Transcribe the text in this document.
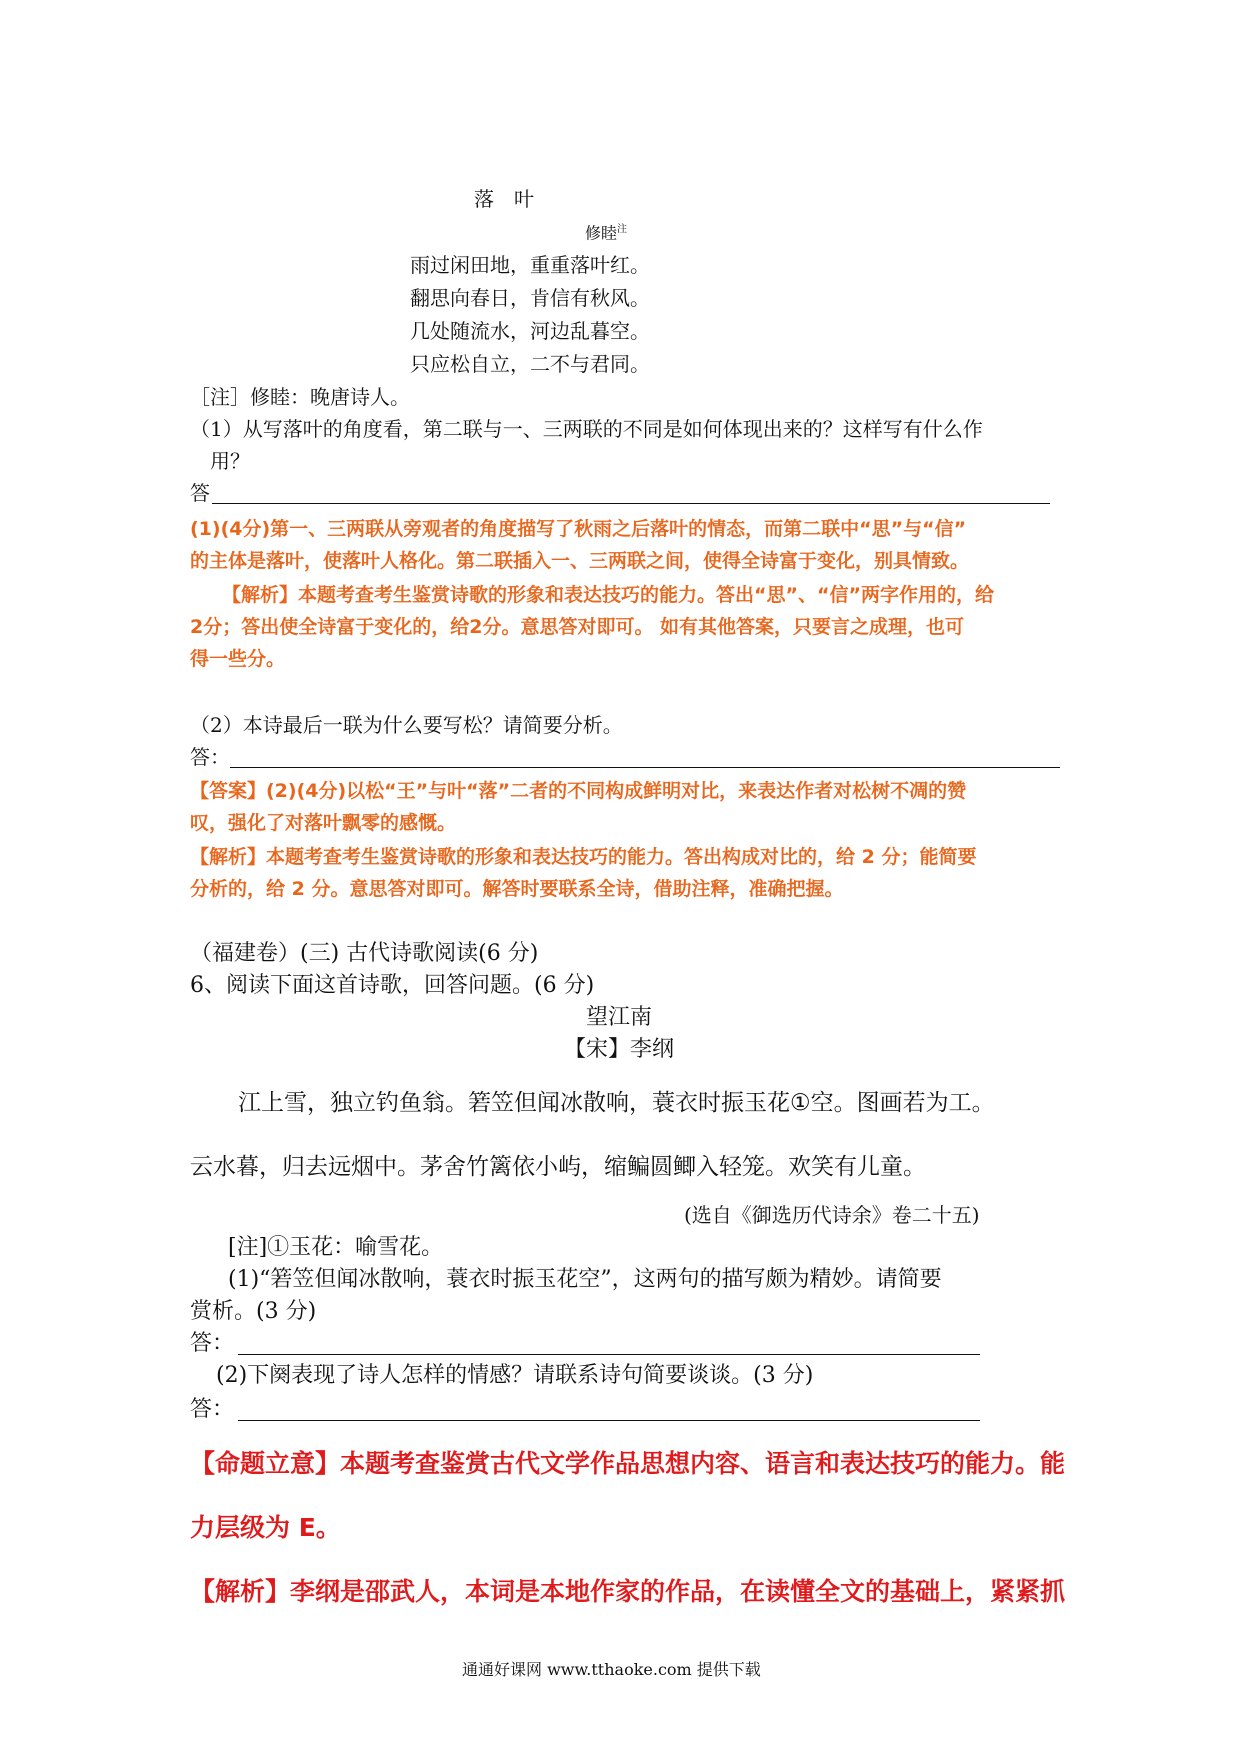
落　叶
修睦$^注$
雨过闲田地，重重落叶红。
翻思向春日，肯信有秋风。
几处随流水，河边乱暮空。
只应松自立，二不与君同。
［注］修睦：晚唐诗人。
（1）从写落叶的角度看，第二联与一、三两联的不同是如何体现出来的？这样写有什么作
用？
答
(1)(4分)第一、三两联从旁观者的角度描写了秋雨之后落叶的情态，而第二联中“思”与“信”
的主体是落叶，使落叶人格化。第二联插入一、三两联之间，使得全诗富于变化，别具情致。
【解析】本题考查考生鉴赏诗歌的形象和表达技巧的能力。答出“思”、“信”两字作用的，给
2分；答出使全诗富于变化的，给2分。意思答对即可。 如有其他答案，只要言之成理，也可
得一些分。
（2）本诗最后一联为什么要写松？请简要分析。
答：
【答案】(2)(4分)以松“王”与叶“落”二者的不同构成鲜明对比，来表达作者对松树不凋的赞
叹，强化了对落叶飘零的感慨。
【解析】本题考查考生鉴赏诗歌的形象和表达技巧的能力。答出构成对比的，给 2 分；能简要
分析的，给 2 分。意思答对即可。解答时要联系全诗，借助注释，准确把握。
（福建卷）(三) 古代诗歌阅读(6 分)
6、阅读下面这首诗歌，回答问题。(6 分)
望江南
【宋】李纲
江上雪，独立钓鱼翁。箬笠但闻冰散响，蓑衣时振玉花①空。图画若为工。
云水暮，归去远烟中。茅舍竹篱依小屿，缩鳊圆鲫入轻笼。欢笑有儿童。
(选自《御选历代诗余》卷二十五)
[注]①玉花：喻雪花。
(1)“箬笠但闻冰散响，蓑衣时振玉花空”，这两句的描写颇为精妙。请简要
赏析。(3 分)
答：
(2)下阕表现了诗人怎样的情感？请联系诗句简要谈谈。(3 分)
答：
【命题立意】本题考查鉴赏古代文学作品思想内容、语言和表达技巧的能力。能
力层级为 E。
【解析】李纲是邵武人，本词是本地作家的作品，在读懂全文的基础上，紧紧抓
通通好课网 www.tthaoke.com 提供下载
